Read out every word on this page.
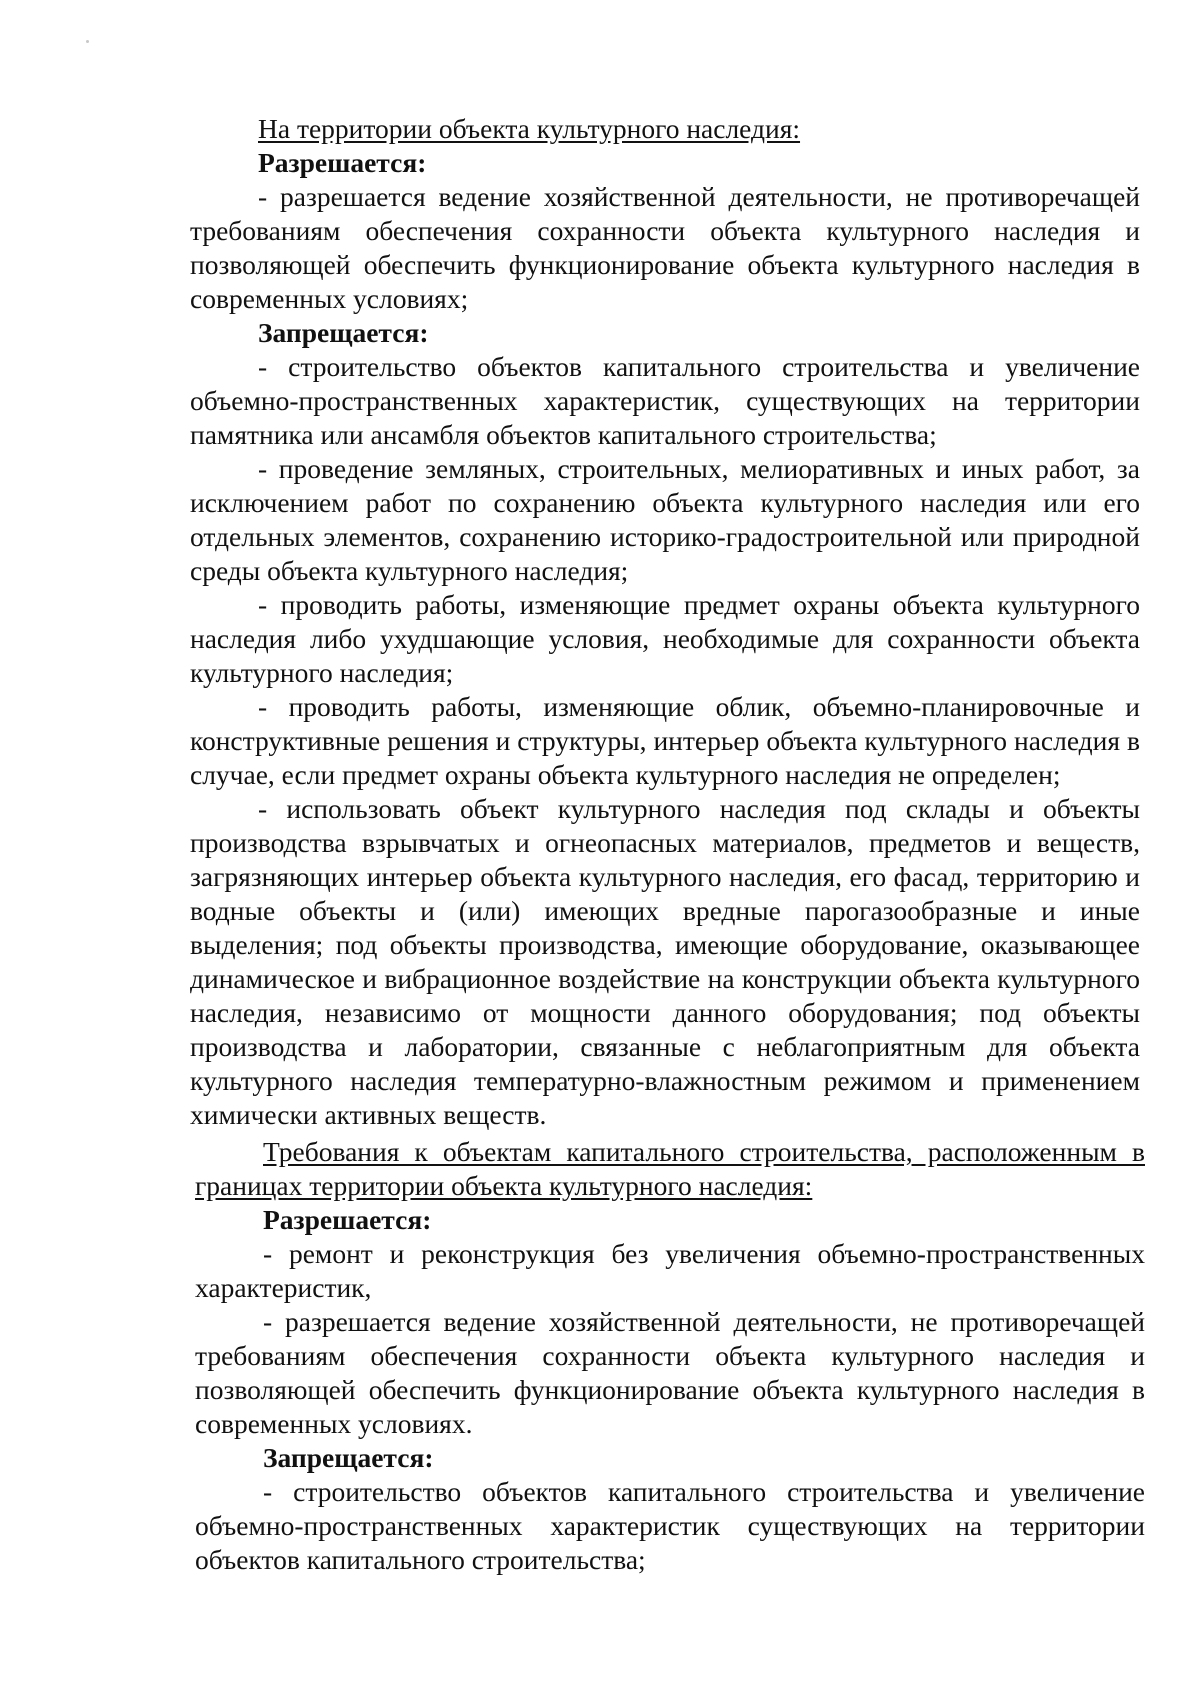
На территории объекта культурного наследия:

Разрешается:

- разрешается ведение хозяйственной деятельности, не противоречащей требованиям обеспечения сохранности объекта культурного наследия и позволяющей обеспечить функционирование объекта культурного наследия в современных условиях;

Запрещается:

- строительство объектов капитального строительства и увеличение объемно-пространственных характеристик, существующих на территории памятника или ансамбля объектов капитального строительства;

- проведение земляных, строительных, мелиоративных и иных работ, за исключением работ по сохранению объекта культурного наследия или его отдельных элементов, сохранению историко-градостроительной или природной среды объекта культурного наследия;

- проводить работы, изменяющие предмет охраны объекта культурного наследия либо ухудшающие условия, необходимые для сохранности объекта культурного наследия;

- проводить работы, изменяющие облик, объемно-планировочные и конструктивные решения и структуры, интерьер объекта культурного наследия в случае, если предмет охраны объекта культурного наследия не определен;

- использовать объект культурного наследия под склады и объекты производства взрывчатых и огнеопасных материалов, предметов и веществ, загрязняющих интерьер объекта культурного наследия, его фасад, территорию и водные объекты и (или) имеющих вредные парогазообразные и иные выделения; под объекты производства, имеющие оборудование, оказывающее динамическое и вибрационное воздействие на конструкции объекта культурного наследия, независимо от мощности данного оборудования; под объекты производства и лаборатории, связанные с неблагоприятным для объекта культурного наследия температурно-влажностным режимом и применением химически активных веществ.

Требования к объектам капитального строительства, расположенным в границах территории объекта культурного наследия:

Разрешается:

- ремонт и реконструкция без увеличения объемно-пространственных характеристик,

- разрешается ведение хозяйственной деятельности, не противоречащей требованиям обеспечения сохранности объекта культурного наследия и позволяющей обеспечить функционирование объекта культурного наследия в современных условиях.

Запрещается:

- строительство объектов капитального строительства и увеличение объемно-пространственных характеристик существующих на территории объектов капитального строительства;
